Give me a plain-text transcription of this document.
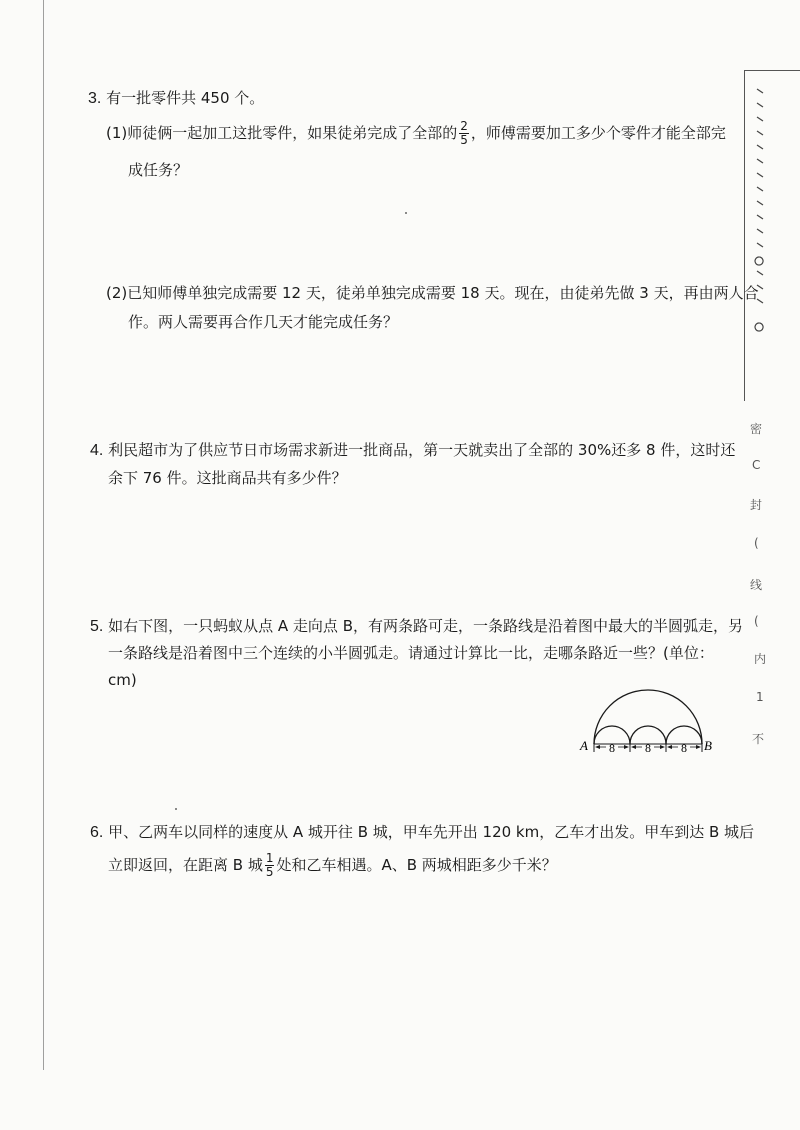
密
C
封
(
线
(
内
1
不
3. 有一批零件共 450 个。
(1)师徒俩一起加工这批零件，如果徒弟完成了全部的 $\frac{2}{5}$ ，师傅需要加工多少个零件才能全部完
成任务？
(2)已知师傅单独完成需要 12 天，徒弟单独完成需要 18 天。现在，由徒弟先做 3 天，再由两人合
作。两人需要再合作几天才能完成任务？
4. 利民超市为了供应节日市场需求新进一批商品，第一天就卖出了全部的 30%还多 8 件，这时还
余下 76 件。这批商品共有多少件？
5. 如右下图，一只蚂蚁从点 A 走向点 B，有两条路可走，一条路线是沿着图中最大的半圆弧走，另
一条路线是沿着图中三个连续的小半圆弧走。请通过计算比一比，走哪条路近一些？(单位：
cm)
8	8	8
A	B
6. 甲、乙两车以同样的速度从 A 城开往 B 城，甲车先开出 120 km，乙车才出发。甲车到达 B 城后
立即返回，在距离 B 城 $\frac{1}{5}$ 处和乙车相遇。A、B 两城相距多少千米？
